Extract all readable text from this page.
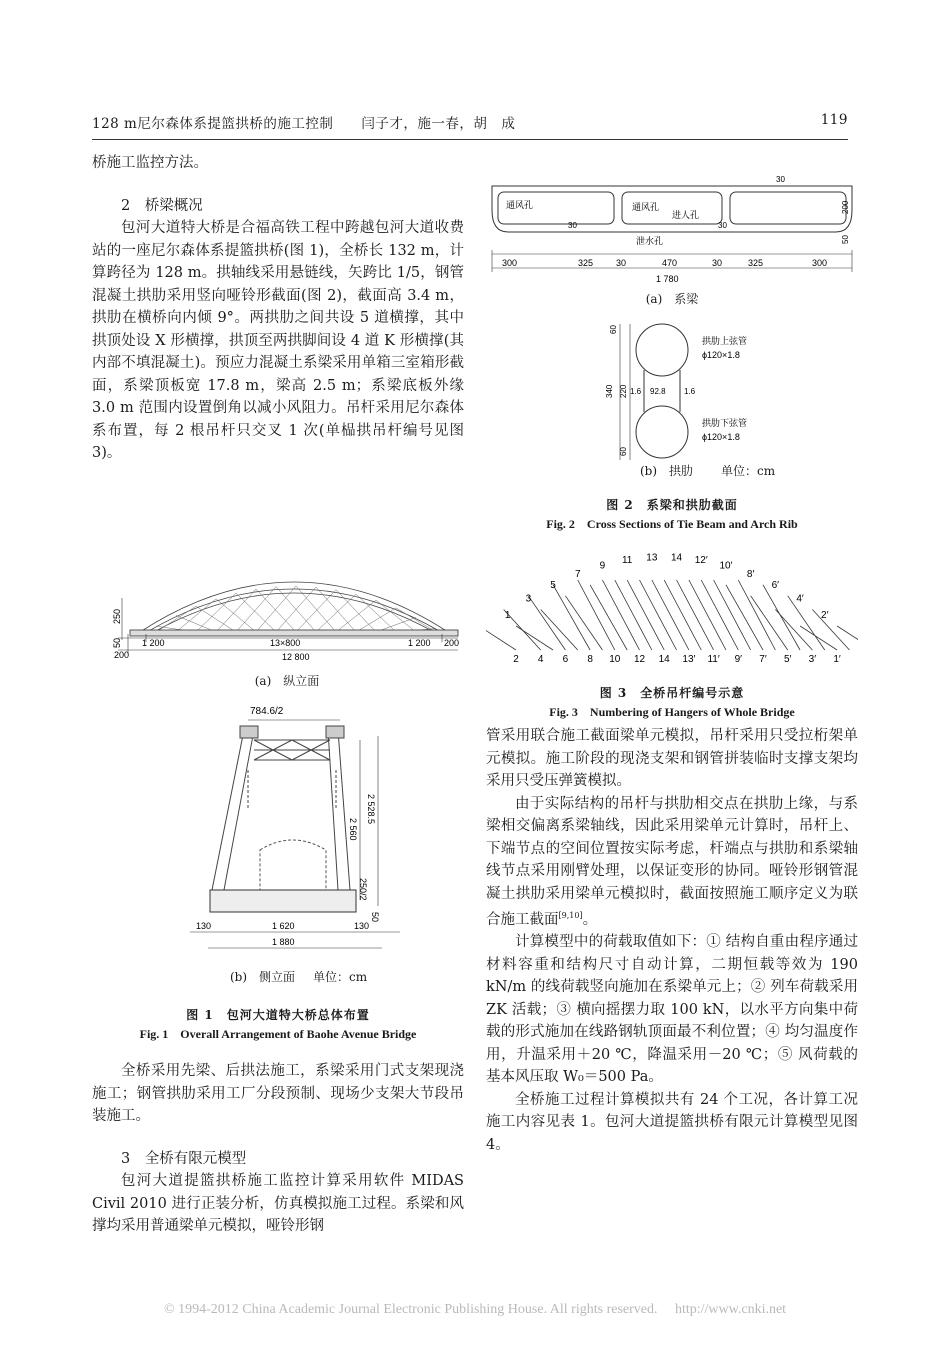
128 m尼尔森体系提篮拱桥的施工控制 闫子才，施一春，胡　成	119

桥施工监控方法。

2　桥梁概况

包河大道特大桥是合福高铁工程中跨越包河大道收费站的一座尼尔森体系提篮拱桥(图 1)，全桥长 132 m，计算跨径为 128 m。拱轴线采用悬链线，矢跨比 1/5，钢管混凝土拱肋采用竖向哑铃形截面(图 2)，截面高 3.4 m，拱肋在横桥向内倾 9°。两拱肋之间共设 5 道横撑，其中拱顶处设 X 形横撑，拱顶至两拱脚间设 4 道 K 形横撑(其内部不填混凝土)。预应力混凝土系梁采用单箱三室箱形截面，系梁顶板宽 17.8 m，梁高 2.5 m；系梁底板外缘 3.0 m 范围内设置倒角以减小风阻力。吊杆采用尼尔森体系布置，每 2 根吊杆只交叉 1 次(单榀拱吊杆编号见图 3)。

250
50 1 200	13×800	1 200 200
200	12 800
(a)　纵立面
784.6/2
2 560
2 528.5
250/2
50
130	1 620	130
1 880
(b)　侧立面 单位：cm
图 1　包河大道特大桥总体布置
Fig. 1　Overall Arrangement of Baohe Avenue Bridge

全桥采用先梁、后拱法施工，系梁采用门式支架现浇施工；钢管拱肋采用工厂分段预制、现场少支架大节段吊装施工。

3　全桥有限元模型

包河大道提篮拱桥施工监控计算采用软件 MIDAS Civil 2010 进行正装分析，仿真模拟施工过程。系梁和风撑均采用普通梁单元模拟，哑铃形钢

通风孔	通风孔
进人孔
泄水孔
30
30	30
200
50
300	325	30	470	30	325	300
1 780
(a)　系梁
60
220
60
340 1.6 92.8 1.6
拱肋上弦管
ϕ120×1.8
拱肋下弦管
ϕ120×1.8
(b)　拱肋 单位：cm
图 2　系梁和拱肋截面
Fig. 2　Cross Sections of Tie Beam and Arch Rib
1
3
5
7
9 11 13 14 12′ 10′
8′
6′
4′
2′
2 4 6 8 10 12 14 13′ 11′ 9′ 7′ 5′ 3′ 1′
图 3　全桥吊杆编号示意
Fig. 3　Numbering of Hangers of Whole Bridge

管采用联合施工截面梁单元模拟，吊杆采用只受拉桁架单元模拟。施工阶段的现浇支架和钢管拼装临时支撑支架均采用只受压弹簧模拟。

由于实际结构的吊杆与拱肋相交点在拱肋上缘，与系梁相交偏离系梁轴线，因此采用梁单元计算时，吊杆上、下端节点的空间位置按实际考虑，杆端点与拱肋和系梁轴线节点采用刚臂处理，以保证变形的协同。哑铃形钢管混凝土拱肋采用梁单元模拟时，截面按照施工顺序定义为联合施工截面[9,10]。

计算模型中的荷载取值如下：① 结构自重由程序通过材料容重和结构尺寸自动计算，二期恒载等效为 190 kN/m 的线荷载竖向施加在系梁单元上；② 列车荷载采用 ZK 活载；③ 横向摇摆力取 100 kN，以水平方向集中荷载的形式施加在线路钢轨顶面最不利位置；④ 均匀温度作用，升温采用＋20 ℃，降温采用－20 ℃；⑤ 风荷载的基本风压取 W₀＝500 Pa。

全桥施工过程计算模拟共有 24 个工况，各计算工况施工内容见表 1。包河大道提篮拱桥有限元计算模型见图 4。

© 1994-2012 China Academic Journal Electronic Publishing House. All rights reserved.　 http://www.cnki.net
